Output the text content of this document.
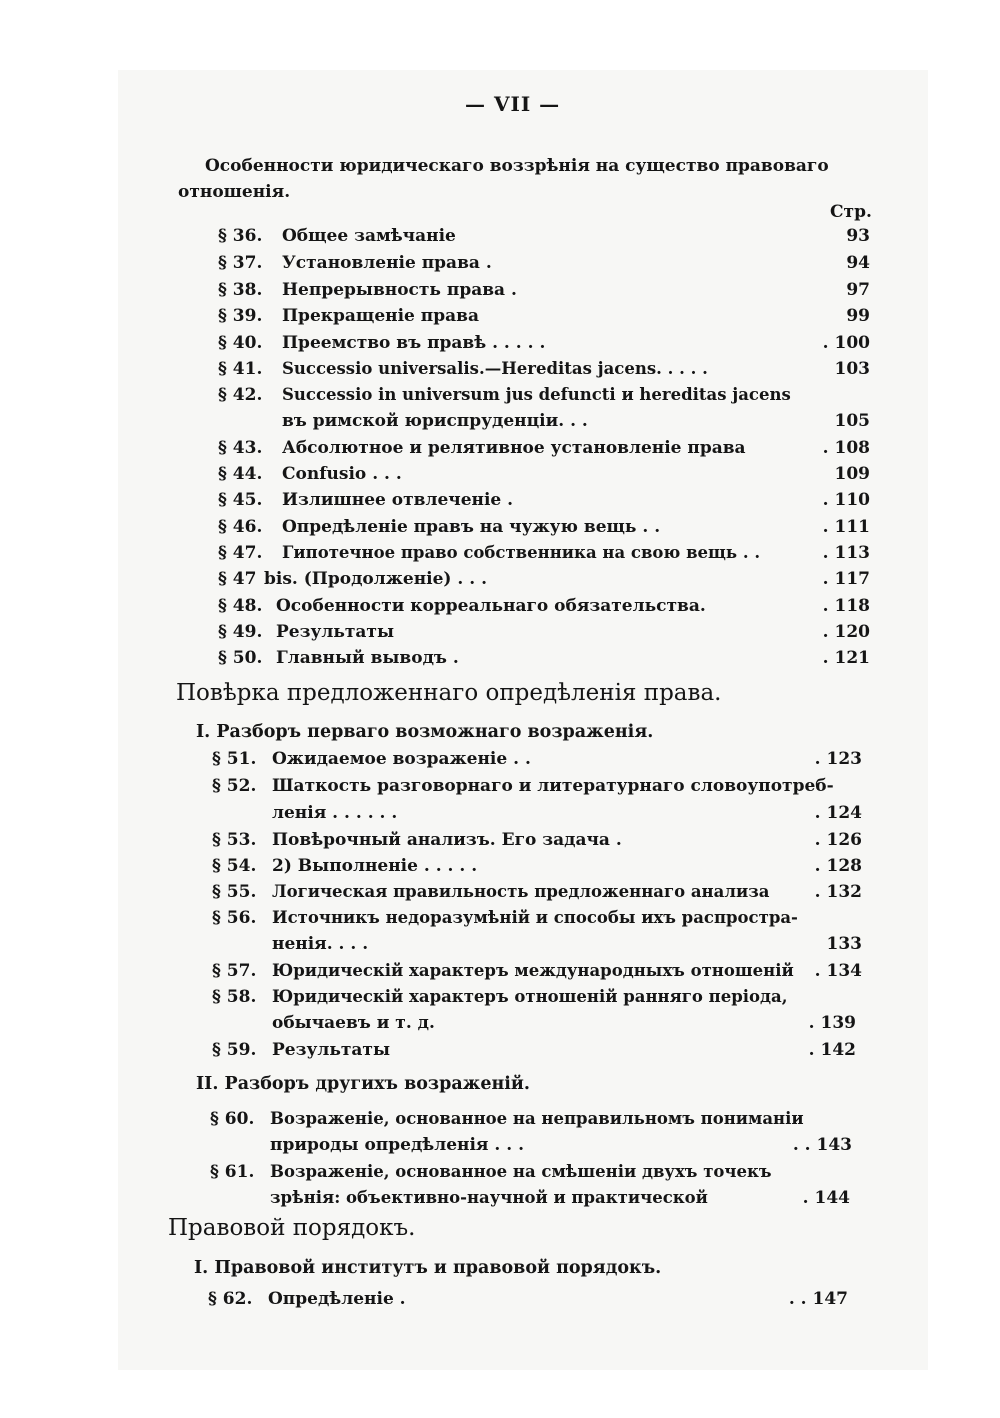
— VII —
Особенности юридическаго воззрѣнія на существо правоваго
отношенія.
Стр.
§ 36. Общее замѣчаніе	93
§ 37. Установленіе права .	94
§ 38. Непрерывность права .	97
§ 39. Прекращеніе права	99
§ 40. Преемство въ правѣ . . . . .	. 100
§ 41. Successio universalis.—Hereditas jacens. . . . .	103
§ 42. Successio in universum jus defuncti и hereditas jacens
въ римской юриспруденціи. . .	105
§ 43. Абсолютное и релятивное установленіе права	. 108
§ 44. Confusio . . .	109
§ 45. Излишнее отвлеченіе .	. 110
§ 46. Опредѣленіе правъ на чужую вещь . .	. 111
§ 47. Гипотечное право собственника на свою вещь . .	. 113
§ 47 bis. (Продолженіе) . . .	. 117
§ 48. Особенности корреальнаго обязательства.	. 118
§ 49. Результаты	. 120
§ 50. Главный выводъ .	. 121
Повѣрка предложеннаго опредѣленія права.
I. Разборъ перваго возможнаго возраженія.
§ 51. Ожидаемое возраженіе . .	. 123
§ 52. Шаткость разговорнаго и литературнаго словоупотреб-
ленія . . . . . .	. 124
§ 53. Повѣрочный анализъ. Его задача .	. 126
§ 54. 2) Выполненіе . . . . .	. 128
§ 55. Логическая правильность предложеннаго анализа	. 132
§ 56. Источникъ недоразумѣній и способы ихъ распростра-
ненія. . . .	133
§ 57. Юридическій характеръ международныхъ отношеній . 134
§ 58. Юридическій характеръ отношеній ранняго періода,
обычаевъ и т. д.	. 139
§ 59. Результаты	. 142
II. Разборъ другихъ возраженій.
§ 60. Возраженіе, основанное на неправильномъ пониманіи
природы опредѣленія . . .	. . 143
§ 61. Возраженіе, основанное на смѣшеніи двухъ точекъ
зрѣнія: объективно-научной и практической	. 144
Правовой порядокъ.
I. Правовой институтъ и правовой порядокъ.
§ 62. Опредѣленіе .	. . 147
